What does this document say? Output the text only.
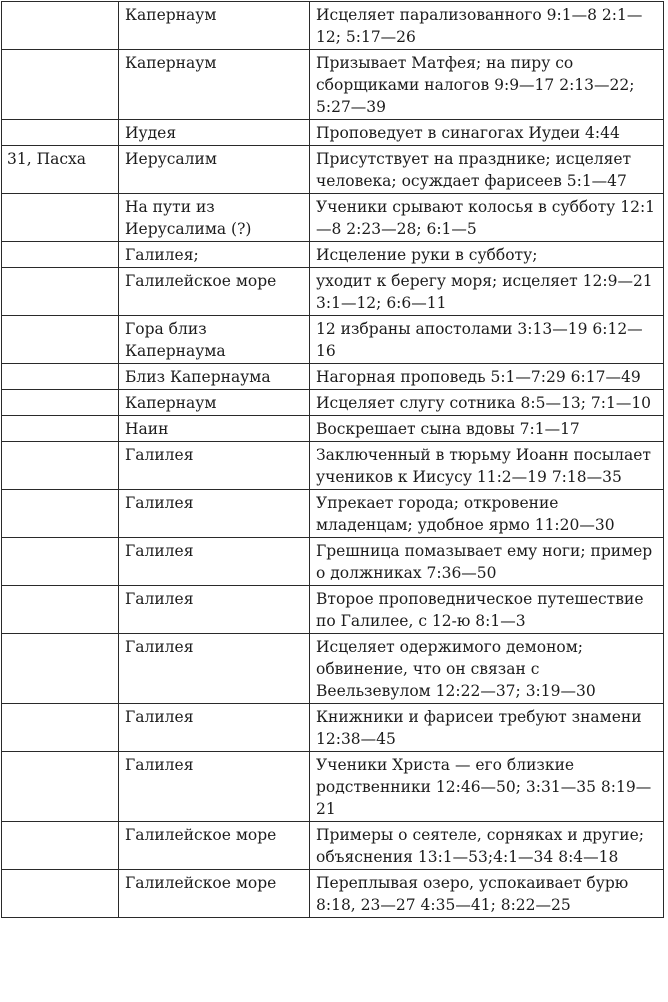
	Капернаум	Исцеляет парализованного 9:1—8 2:1—12; 5:17—26
	Капернаум	Призывает Матфея; на пиру со сборщиками налогов 9:9—17 2:13—22; 5:27—39
	Иудея	Проповедует в синагогах Иудеи 4:44
31, Пасха	Иерусалим	Присутствует на празднике; исцеляет человека; осуждает фарисеев 5:1—47
	На пути из Иерусалима (?)	Ученики срывают колосья в субботу 12:1—8 2:23—28; 6:1—5
	Галилея;	Исцеление руки в субботу;
	Галилейское море	уходит к берегу моря; исцеляет 12:9—21 3:1—12; 6:6—11
	Гора близ Капернаума	12 избраны апостолами 3:13—19 6:12—16
	Близ Капернаума	Нагорная проповедь 5:1—7:29 6:17—49
	Капернаум	Исцеляет слугу сотника 8:5—13; 7:1—10
	Наин	Воскрешает сына вдовы 7:1—17
	Галилея	Заключенный в тюрьму Иоанн посылает учеников к Иисусу 11:2—19 7:18—35
	Галилея	Упрекает города; откровение младенцам; удобное ярмо 11:20—30
	Галилея	Грешница помазывает ему ноги; пример о должниках 7:36—50
	Галилея	Второе проповедническое путешествие по Галилее, с 12-ю 8:1—3
	Галилея	Исцеляет одержимого демоном; обвинение, что он связан с Веельзевулом 12:22—37; 3:19—30
	Галилея	Книжники и фарисеи требуют знамени 12:38—45
	Галилея	Ученики Христа — его близкие родственники 12:46—50; 3:31—35 8:19—21
	Галилейское море	Примеры о сеятеле, сорняках и другие; объяснения 13:1—53;4:1—34 8:4—18
	Галилейское море	Переплывая озеро, успокаивает бурю 8:18, 23—27 4:35—41; 8:22—25
